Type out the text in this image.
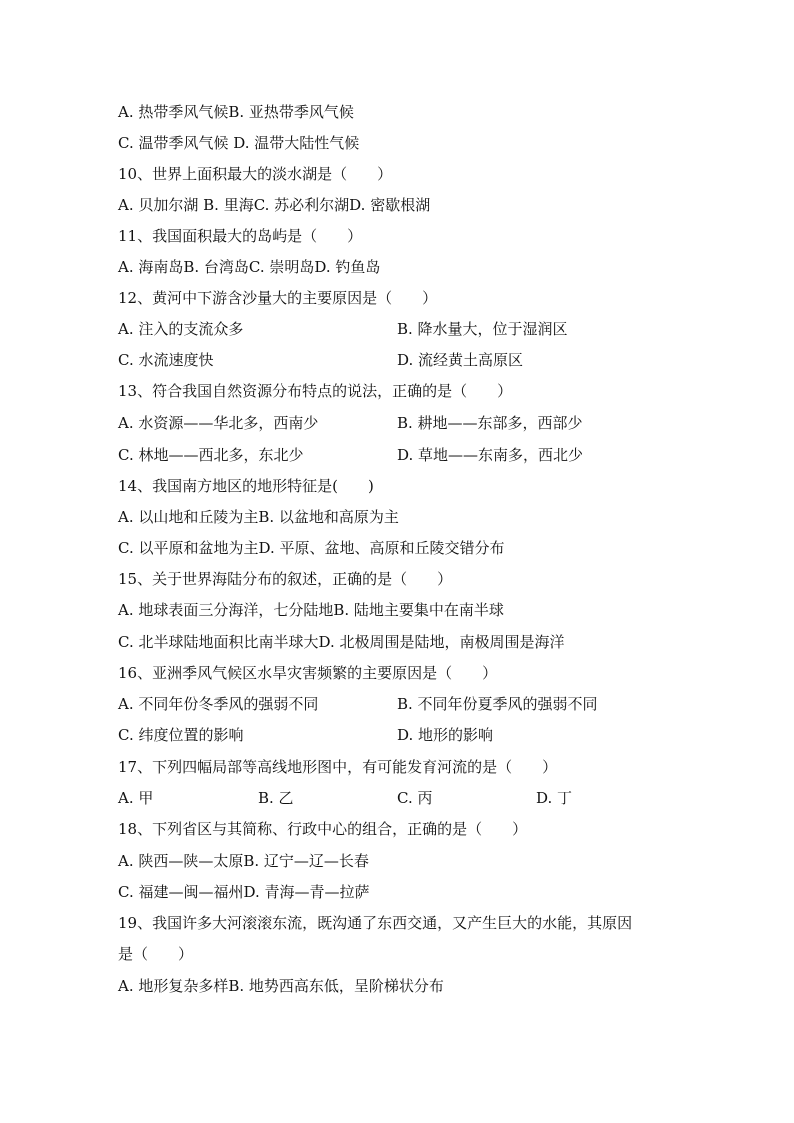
A. 热带季风气候B. 亚热带季风气候
C. 温带季风气候 D. 温带大陆性气候
10、世界上面积最大的淡水湖是（　　）
A. 贝加尔湖 B. 里海C. 苏必利尔湖D. 密歇根湖
11、我国面积最大的岛屿是（　　）
A. 海南岛B. 台湾岛C. 崇明岛D. 钓鱼岛
12、黄河中下游含沙量大的主要原因是（　　）
A. 注入的支流众多	B. 降水量大，位于湿润区
C. 水流速度快	D. 流经黄土高原区
13、符合我国自然资源分布特点的说法，正确的是（　　）
A. 水资源——华北多，西南少	B. 耕地——东部多，西部少
C. 林地——西北多，东北少	D. 草地——东南多，西北少
14、我国南方地区的地形特征是(　　)
A. 以山地和丘陵为主B. 以盆地和高原为主
C. 以平原和盆地为主D. 平原、盆地、高原和丘陵交错分布
15、关于世界海陆分布的叙述，正确的是（　　）
A. 地球表面三分海洋，七分陆地B. 陆地主要集中在南半球
C. 北半球陆地面积比南半球大D. 北极周围是陆地，南极周围是海洋
16、亚洲季风气候区水旱灾害频繁的主要原因是（　　）
A. 不同年份冬季风的强弱不同	B. 不同年份夏季风的强弱不同
C. 纬度位置的影响	D. 地形的影响
17、下列四幅局部等高线地形图中，有可能发育河流的是（　　）
A. 甲	B. 乙	C. 丙	D. 丁
18、下列省区与其简称、行政中心的组合，正确的是（　　）
A. 陕西—陕—太原B. 辽宁—辽—长春
C. 福建—闽—福州D. 青海—青—拉萨
19、我国许多大河滚滚东流，既沟通了东西交通，又产生巨大的水能，其原因
是（　　）
A. 地形复杂多样B. 地势西高东低，呈阶梯状分布
